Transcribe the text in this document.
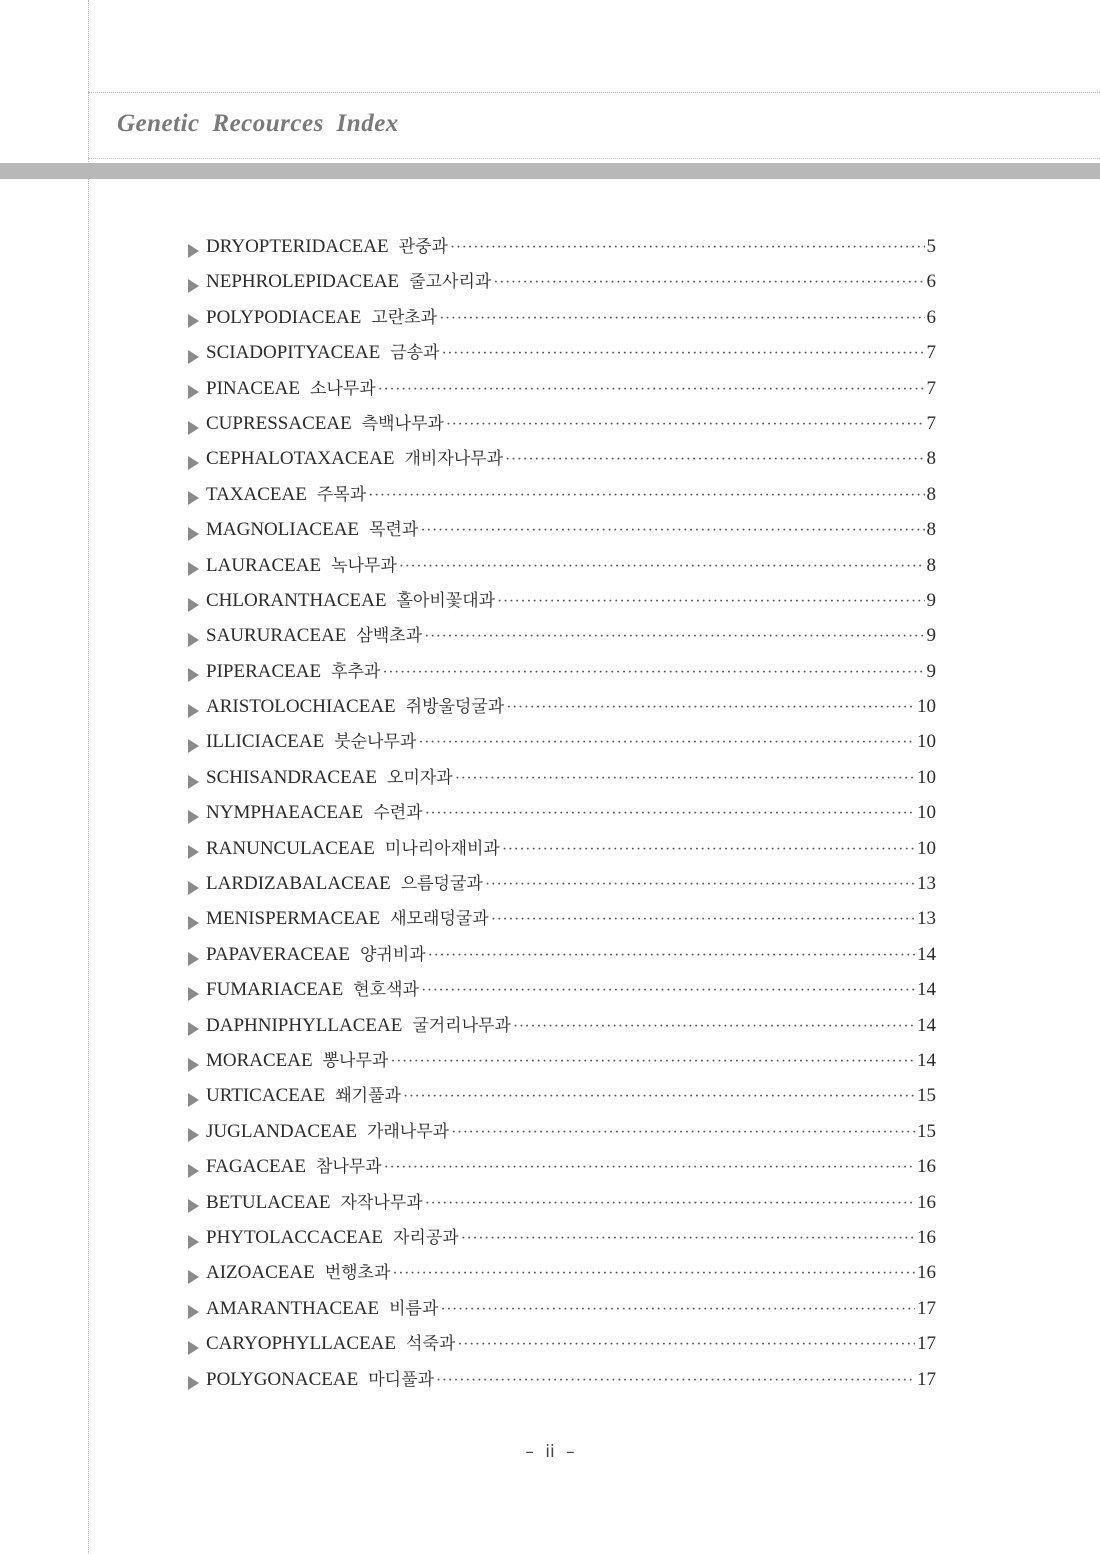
Genetic Recources Index
DRYOPTERIDACEAE 관중과 ·····	5
NEPHROLEPIDACEAE 줄고사리과 ·····	6
POLYPODIACEAE 고란초과 ·····	6
SCIADOPITYACEAE 금송과 ·····	7
PINACEAE 소나무과 ·····	7
CUPRESSACEAE 측백나무과 ·····	7
CEPHALOTAXACEAE 개비자나무과 ·····	8
TAXACEAE 주목과 ·····	8
MAGNOLIACEAE 목련과 ·····	8
LAURACEAE 녹나무과 ·····	8
CHLORANTHACEAE 홀아비꽃대과 ·····	9
SAURURACEAE 삼백초과 ·····	9
PIPERACEAE 후추과 ·····	9
ARISTOLOCHIACEAE 쥐방울덩굴과 ·····	10
ILLICIACEAE 붓순나무과 ·····	10
SCHISANDRACEAE 오미자과 ·····	10
NYMPHAEACEAE 수련과 ·····	10
RANUNCULACEAE 미나리아재비과 ·····	10
LARDIZABALACEAE 으름덩굴과 ·····	13
MENISPERMACEAE 새모래덩굴과 ·····	13
PAPAVERACEAE 양귀비과 ·····	14
FUMARIACEAE 현호색과 ·····	14
DAPHNIPHYLLACEAE 굴거리나무과 ·····	14
MORACEAE 뽕나무과 ·····	14
URTICACEAE 쐐기풀과 ·····	15
JUGLANDACEAE 가래나무과 ·····	15
FAGACEAE 참나무과 ·····	16
BETULACEAE 자작나무과 ·····	16
PHYTOLACCACEAE 자리공과 ·····	16
AIZOACEAE 번행초과 ·····	16
AMARANTHACEAE 비름과 ·····	17
CARYOPHYLLACEAE 석죽과 ·····	17
POLYGONACEAE 마디풀과 ·····	17
– ii –
